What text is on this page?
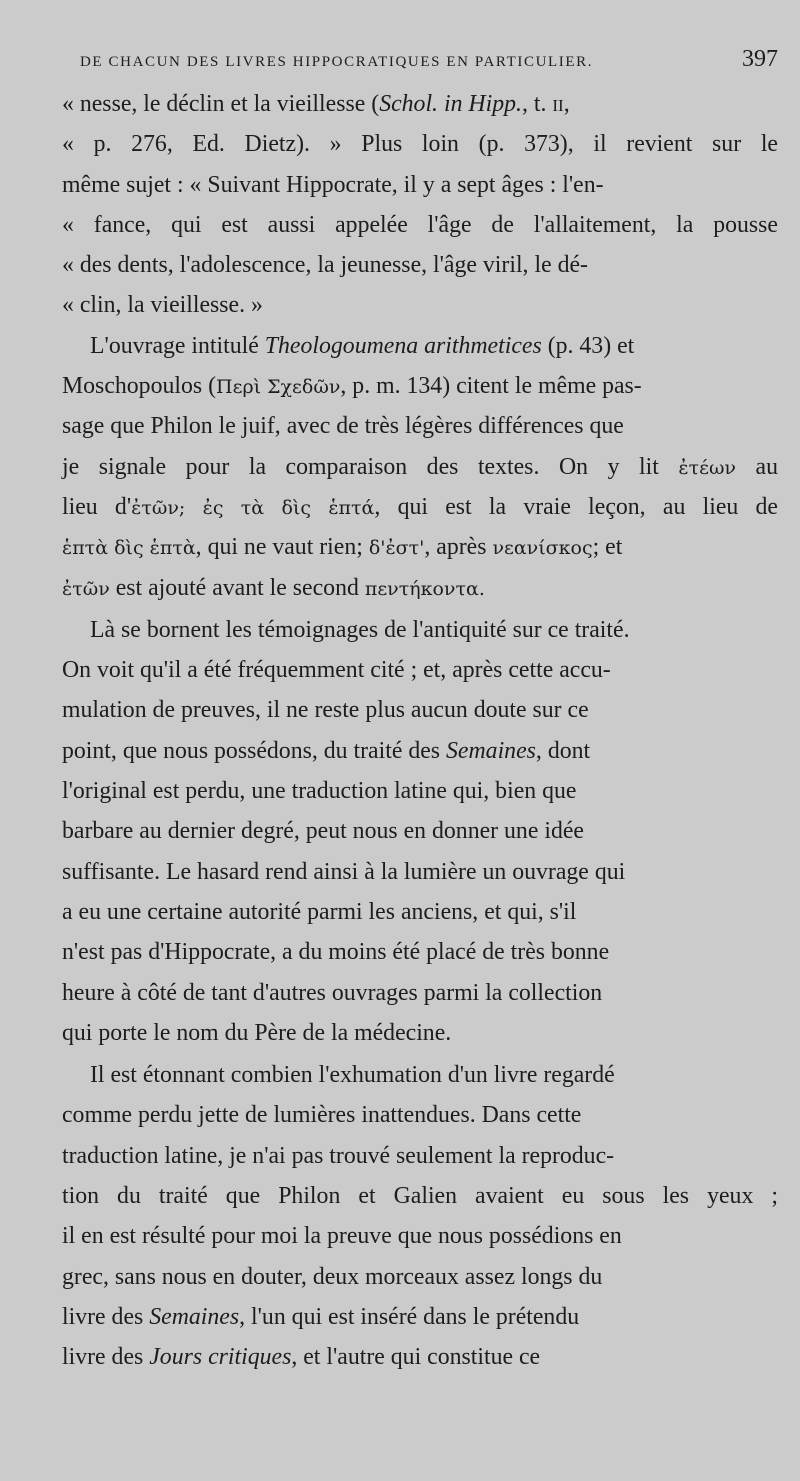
DE CHACUN DES LIVRES HIPPOCRATIQUES EN PARTICULIER.	397
« nesse, le déclin et la vieillesse (Schol. in Hipp., t. II,
« p. 276, Ed. Dietz). » Plus loin (p. 373), il revient sur le
même sujet : « Suivant Hippocrate, il y a sept âges : l'en-
« fance, qui est aussi appelée l'âge de l'allaitement, la pousse
« des dents, l'adolescence, la jeunesse, l'âge viril, le dé-
« clin, la vieillesse. »
L'ouvrage intitulé Theologoumena arithmetices (p. 43) et
Moschopoulos (Περὶ Σχεδῶν, p. m. 134) citent le même pas-
sage que Philon le juif, avec de très légères différences que
je signale pour la comparaison des textes. On y lit ἐτέων au
lieu d'ἐτῶν; ἐς τὰ δὶς ἑπτά, qui est la vraie leçon, au lieu de
ἑπτὰ δὶς ἑπτὰ, qui ne vaut rien; δ'ἐστ', après νεανίσκος; et
ἐτῶν est ajouté avant le second πεντήκοντα.
Là se bornent les témoignages de l'antiquité sur ce traité.
On voit qu'il a été fréquemment cité ; et, après cette accu-
mulation de preuves, il ne reste plus aucun doute sur ce
point, que nous possédons, du traité des Semaines, dont
l'original est perdu, une traduction latine qui, bien que
barbare au dernier degré, peut nous en donner une idée
suffisante. Le hasard rend ainsi à la lumière un ouvrage qui
a eu une certaine autorité parmi les anciens, et qui, s'il
n'est pas d'Hippocrate, a du moins été placé de très bonne
heure à côté de tant d'autres ouvrages parmi la collection
qui porte le nom du Père de la médecine.
Il est étonnant combien l'exhumation d'un livre regardé
comme perdu jette de lumières inattendues. Dans cette
traduction latine, je n'ai pas trouvé seulement la reproduc-
tion du traité que Philon et Galien avaient eu sous les yeux ;
il en est résulté pour moi la preuve que nous possédions en
grec, sans nous en douter, deux morceaux assez longs du
livre des Semaines, l'un qui est inséré dans le prétendu
livre des Jours critiques, et l'autre qui constitue ce
